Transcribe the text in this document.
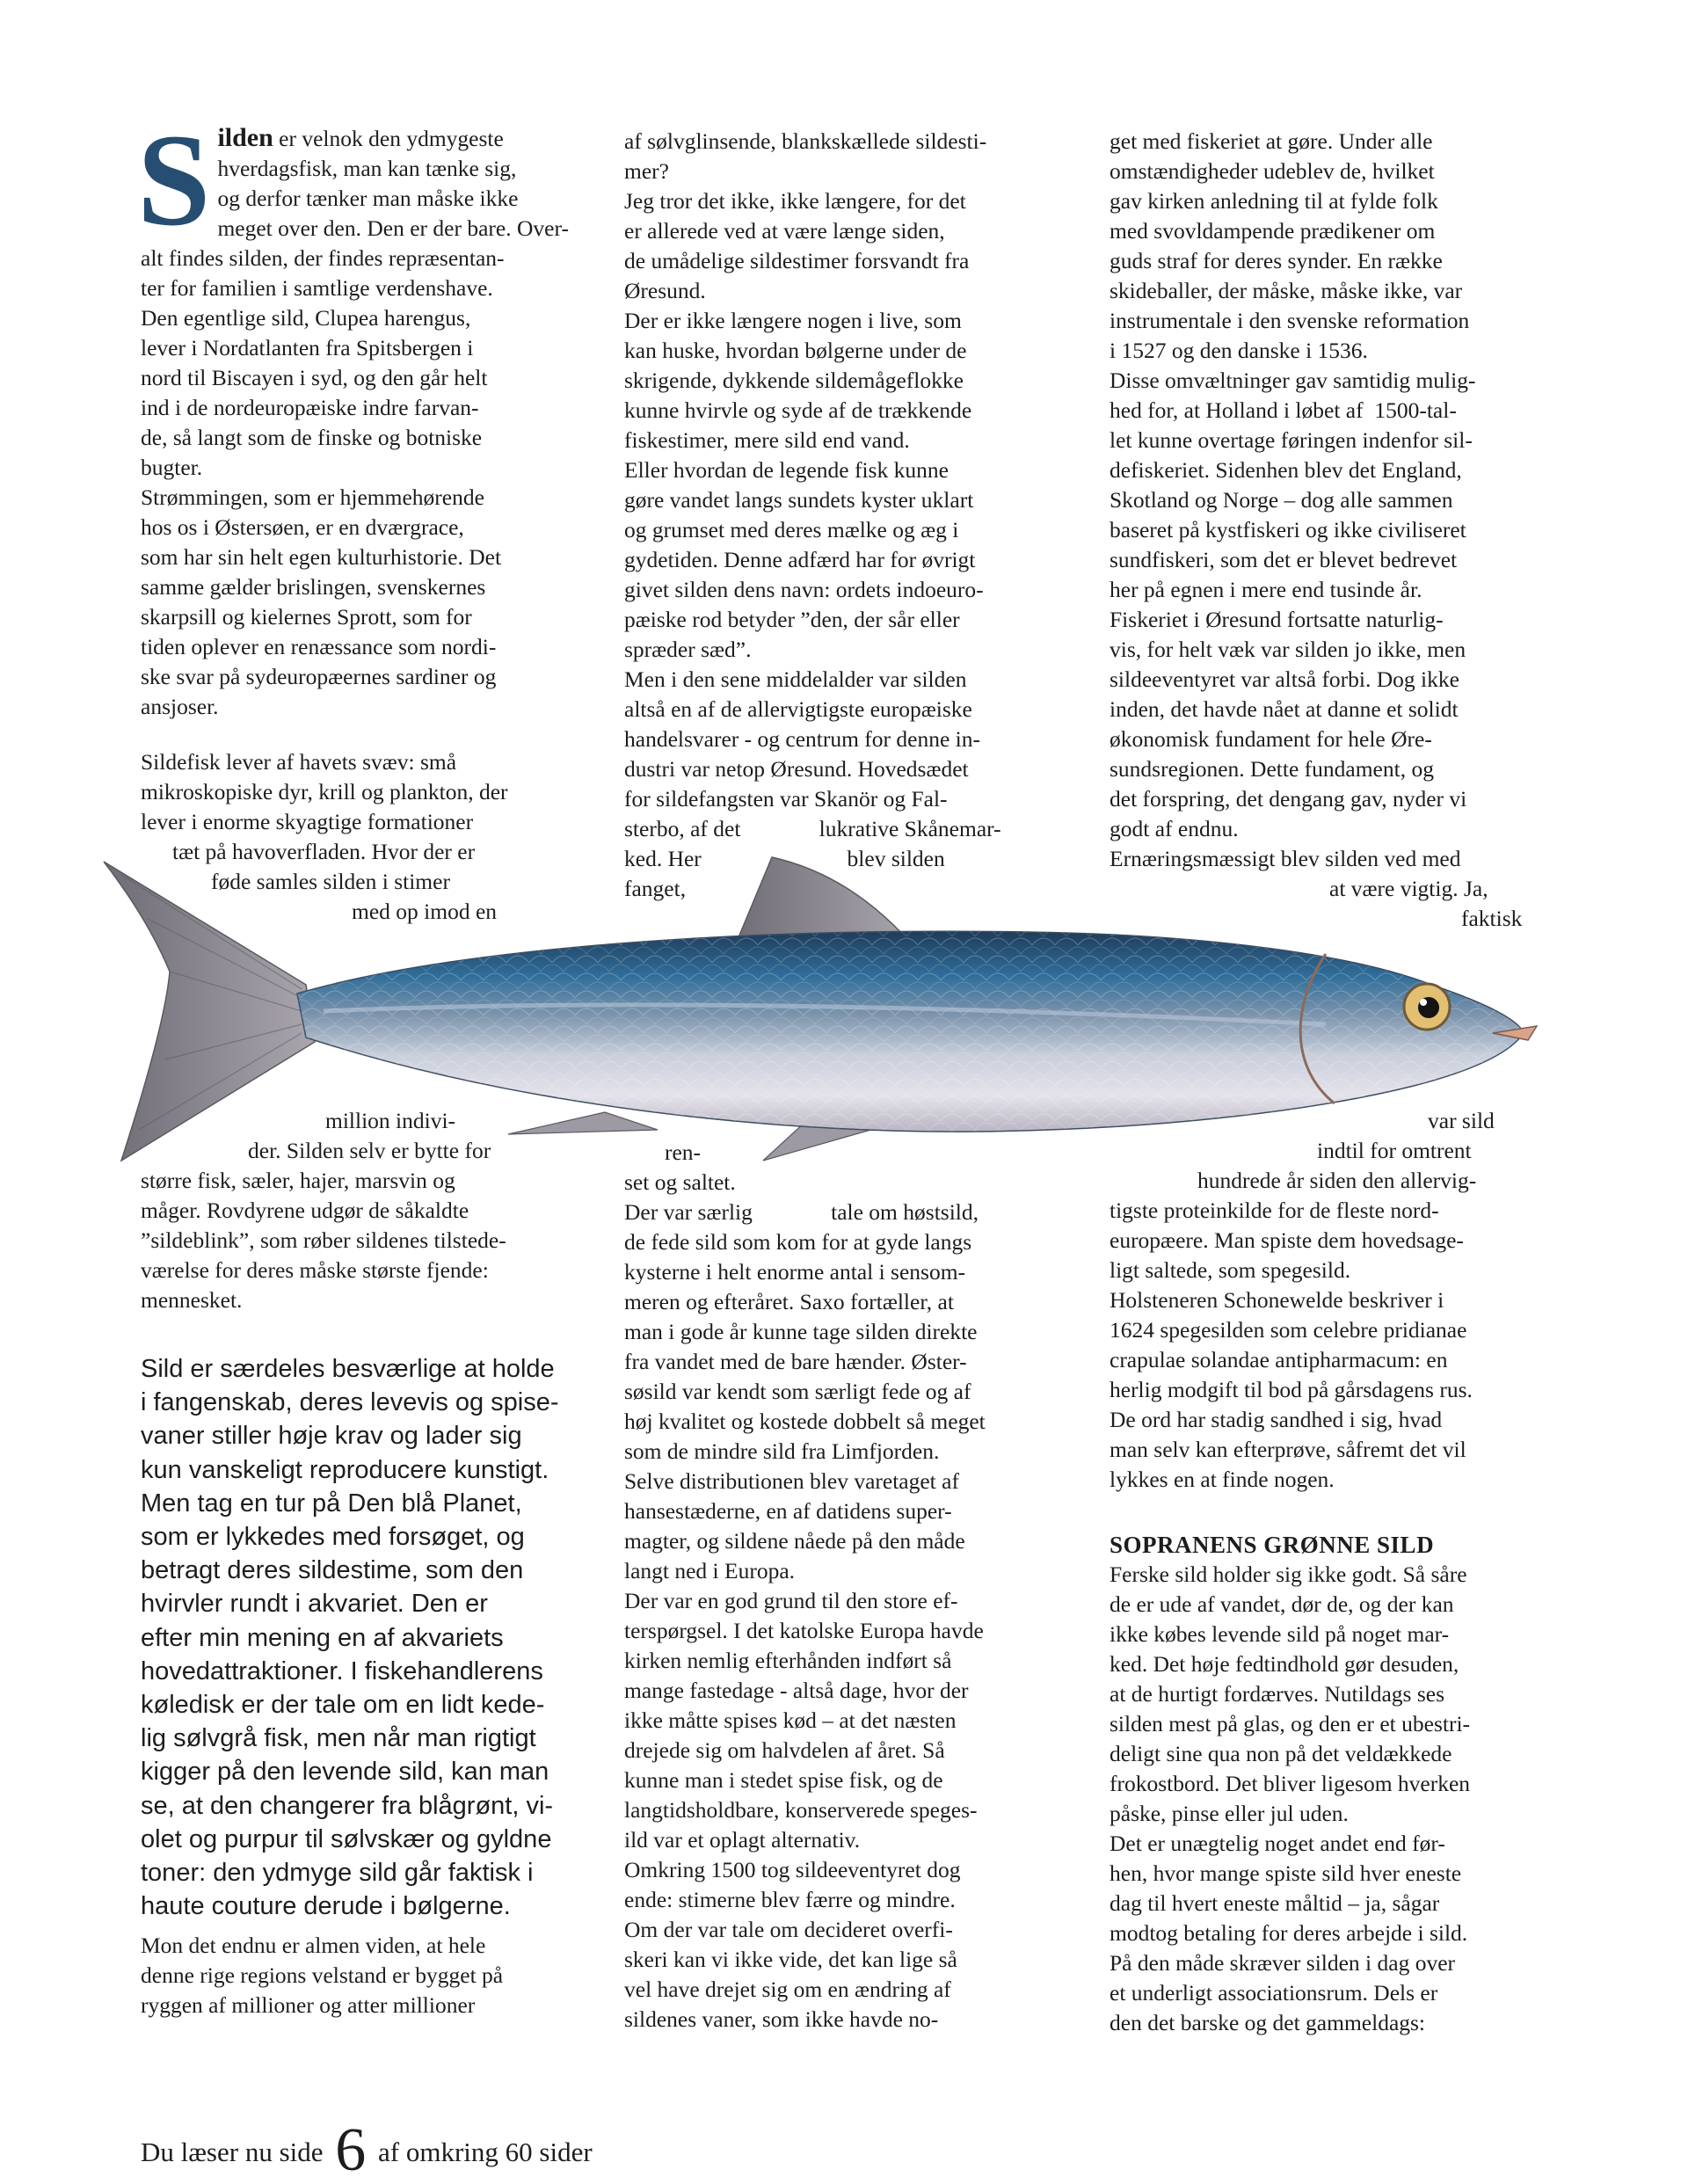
S ilden er velnok den ydmygeste
hverdagsfisk, man kan tænke sig,
og derfor tænker man måske ikke
meget over den. Den er der bare. Over-
alt findes silden, der findes repræsentan-
ter for familien i samtlige verdenshave.
Den egentlige sild, Clupea harengus,
lever i Nordatlanten fra Spitsbergen i
nord til Biscayen i syd, og den går helt
ind i de nordeuropæiske indre farvan-
de, så langt som de finske og botniske
bugter.
Strømmingen, som er hjemmehørende
hos os i Østersøen, er en dværgrace,
som har sin helt egen kulturhistorie. Det
samme gælder brislingen, svenskernes
skarpsill og kielernes Sprott, som for
tiden oplever en renæssance som nordi-
ske svar på sydeuropæernes sardiner og
ansjoser.
Sildefisk lever af havets svæv: små
mikroskopiske dyr, krill og plankton, der
lever i enorme skyagtige formationer
tæt på havoverfladen. Hvor der er
føde samles silden i stimer
med op imod en
million indivi-
der. Silden selv er bytte for
større fisk, sæler, hajer, marsvin og
måger. Rovdyrene udgør de såkaldte
”sildeblink”, som røber sildenes tilstede-
værelse for deres måske største fjende:
mennesket.
Sild er særdeles besværlige at holde
i fangenskab, deres levevis og spise-
vaner stiller høje krav og lader sig
kun vanskeligt reproducere kunstigt.
Men tag en tur på Den blå Planet,
som er lykkedes med forsøget, og
betragt deres sildestime, som den
hvirvler rundt i akvariet. Den er
efter min mening en af akvariets
hovedattraktioner. I fiskehandlerens
køledisk er der tale om en lidt kede-
lig sølvgrå fisk, men når man rigtigt
kigger på den levende sild, kan man
se, at den changerer fra blågrønt, vi-
olet og purpur til sølvskær og gyldne
toner: den ydmyge sild går faktisk i
haute couture derude i bølgerne.
Mon det endnu er almen viden, at hele
denne rige regions velstand er bygget på
ryggen af millioner og atter millioner
af sølvglinsende, blankskællede sildesti-
mer?
Jeg tror det ikke, ikke længere, for det
er allerede ved at være længe siden,
de umådelige sildestimer forsvandt fra
Øresund.
Der er ikke længere nogen i live, som
kan huske, hvordan bølgerne under de
skrigende, dykkende sildemågeflokke
kunne hvirvle og syde af de trækkende
fiskestimer, mere sild end vand.
Eller hvordan de legende fisk kunne
gøre vandet langs sundets kyster uklart
og grumset med deres mælke og æg i
gydetiden. Denne adfærd har for øvrigt
givet silden dens navn: ordets indoeuro-
pæiske rod betyder ”den, der sår eller
spræder sæd”.
Men i den sene middelalder var silden
altså en af de allervigtigste europæiske
handelsvarer - og centrum for denne in-
dustri var netop Øresund. Hovedsædet
for sildefangsten var Skanör og Fal-
sterbo, af det              lukrative Skånemar-
ked. Her                          blev silden
fanget,
ren-
set og saltet.
Der var særlig              tale om høstsild,
de fede sild som kom for at gyde langs
kysterne i helt enorme antal i sensom-
meren og efteråret. Saxo fortæller, at
man i gode år kunne tage silden direkte
fra vandet med de bare hænder. Øster-
søsild var kendt som særligt fede og af
høj kvalitet og kostede dobbelt så meget
som de mindre sild fra Limfjorden.
Selve distributionen blev varetaget af
hansestæderne, en af datidens super-
magter, og sildene nåede på den måde
langt ned i Europa.
Der var en god grund til den store ef-
terspørgsel. I det katolske Europa havde
kirken nemlig efterhånden indført så
mange fastedage - altså dage, hvor der
ikke måtte spises kød – at det næsten
drejede sig om halvdelen af året. Så
kunne man i stedet spise fisk, og de
langtidsholdbare, konserverede speges-
ild var et oplagt alternativ.
Omkring 1500 tog sildeeventyret dog
ende: stimerne blev færre og mindre.
Om der var tale om decideret overfi-
skeri kan vi ikke vide, det kan lige så
vel have drejet sig om en ændring af
sildenes vaner, som ikke havde no-
get med fiskeriet at gøre. Under alle
omstændigheder udeblev de, hvilket
gav kirken anledning til at fylde folk
med svovldampende prædikener om
guds straf for deres synder. En række
skideballer, der måske, måske ikke, var
instrumentale i den svenske reformation
i 1527 og den danske i 1536.
Disse omvæltninger gav samtidig mulig-
hed for, at Holland i løbet af  1500-tal-
let kunne overtage føringen indenfor sil-
defiskeriet. Sidenhen blev det England,
Skotland og Norge – dog alle sammen
baseret på kystfiskeri og ikke civiliseret
sundfiskeri, som det er blevet bedrevet
her på egnen i mere end tusinde år.
Fiskeriet i Øresund fortsatte naturlig-
vis, for helt væk var silden jo ikke, men
sildeeventyret var altså forbi. Dog ikke
inden, det havde nået at danne et solidt
økonomisk fundament for hele Øre-
sundsregionen. Dette fundament, og
det forspring, det dengang gav, nyder vi
godt af endnu.
Ernæringsmæssigt blev silden ved med
at være vigtig. Ja,
faktisk
var sild
indtil for omtrent
hundrede år siden den allervig-
tigste proteinkilde for de fleste nord-
europæere. Man spiste dem hovedsage-
ligt saltede, som spegesild.
Holsteneren Schonewelde beskriver i
1624 spegesilden som celebre pridianae
crapulae solandae antipharmacum: en
herlig modgift til bod på gårsdagens rus.
De ord har stadig sandhed i sig, hvad
man selv kan efterprøve, såfremt det vil
lykkes en at finde nogen.
SOPRANENS GRØNNE SILD
Ferske sild holder sig ikke godt. Så såre
de er ude af vandet, dør de, og der kan
ikke købes levende sild på noget mar-
ked. Det høje fedtindhold gør desuden,
at de hurtigt fordærves. Nutildags ses
silden mest på glas, og den er et ubestri-
deligt sine qua non på det veldækkede
frokostbord. Det bliver ligesom hverken
påske, pinse eller jul uden.
Det er unægtelig noget andet end før-
hen, hvor mange spiste sild hver eneste
dag til hvert eneste måltid – ja, sågar
modtog betaling for deres arbejde i sild.
På den måde skræver silden i dag over
et underligt associationsrum. Dels er
den det barske og det gammeldags:
Du læser nu side 6 af omkring 60 sider
